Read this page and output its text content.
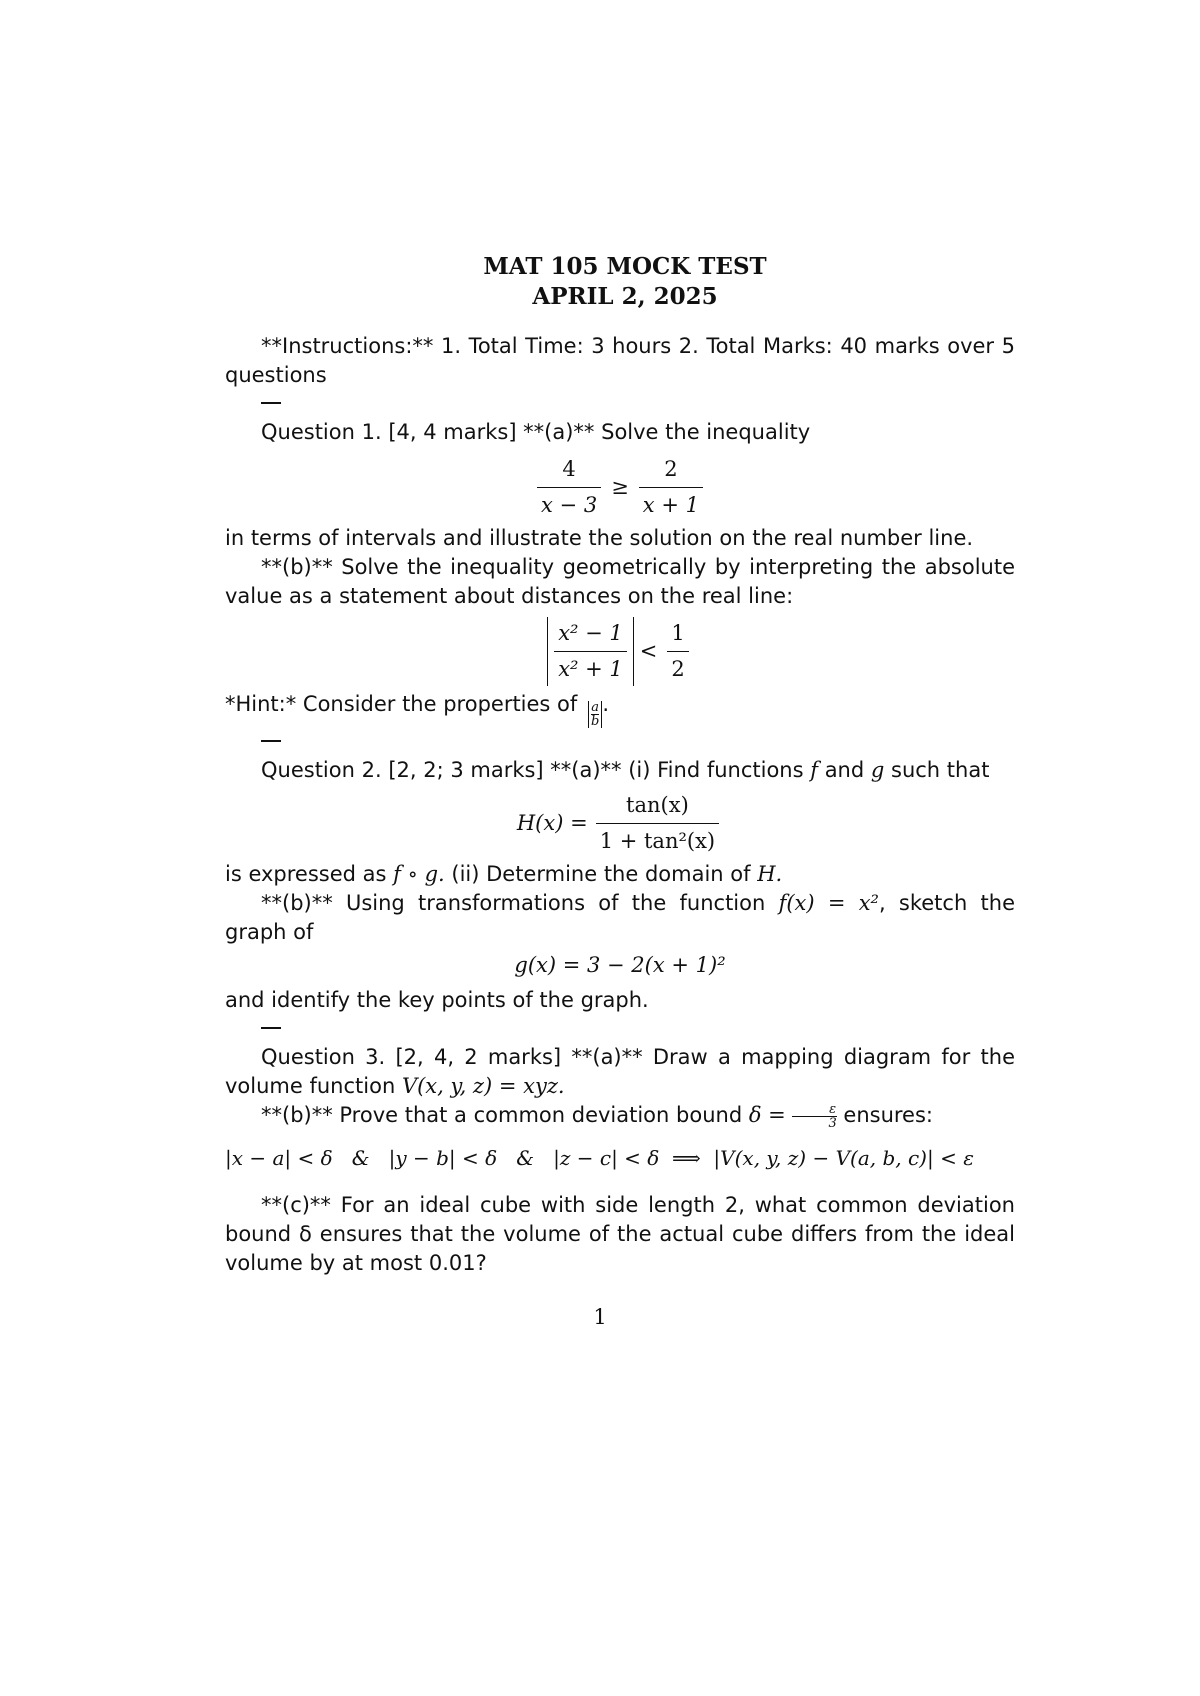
MAT 105 MOCK TEST
APRIL 2, 2025

**Instructions:** 1. Total Time: 3 hours 2. Total Marks: 40 marks over 5 questions

Question 1. [4, 4 marks] **(a)** Solve the inequality

$\frac{4}{x - 3} \ge \frac{2}{x + 1}$

in terms of intervals and illustrate the solution on the real number line.

**(b)** Solve the inequality geometrically by interpreting the absolute value as a statement about distances on the real line:

$\frac{\text{x² − 1}}{\text{x² + 1}} < \frac{1}{2}$

*Hint:* Consider the properties of a
b
.

Question 2. [2, 2; 3 marks] **(a)** (i) Find functions f and g such that

$H(x) = \frac{\tan(x)}{\text{1 + tan²(x)}}$

is expressed as f ∘ g. (ii) Determine the domain of H.

**(b)** Using transformations of the function f(x) = x², sketch the graph of

g(x) = 3 − 2(x + 1)²

and identify the key points of the graph.

Question 3. [2, 4, 2 marks] **(a)** Draw a mapping diagram for the volume function V(x, y, z) = xyz.

**(b)** Prove that a common deviation bound $\delta = \frac{\varepsilon}{3}$ ensures:

|x − a| < δ   &   |y − b| < δ   &   |z − c| < δ  ⟹  |V(x, y, z) − V(a, b, c)| < ε

**(c)** For an ideal cube with side length 2, what common deviation bound δ ensures that the volume of the actual cube differs from the ideal volume by at most 0.01?

1
